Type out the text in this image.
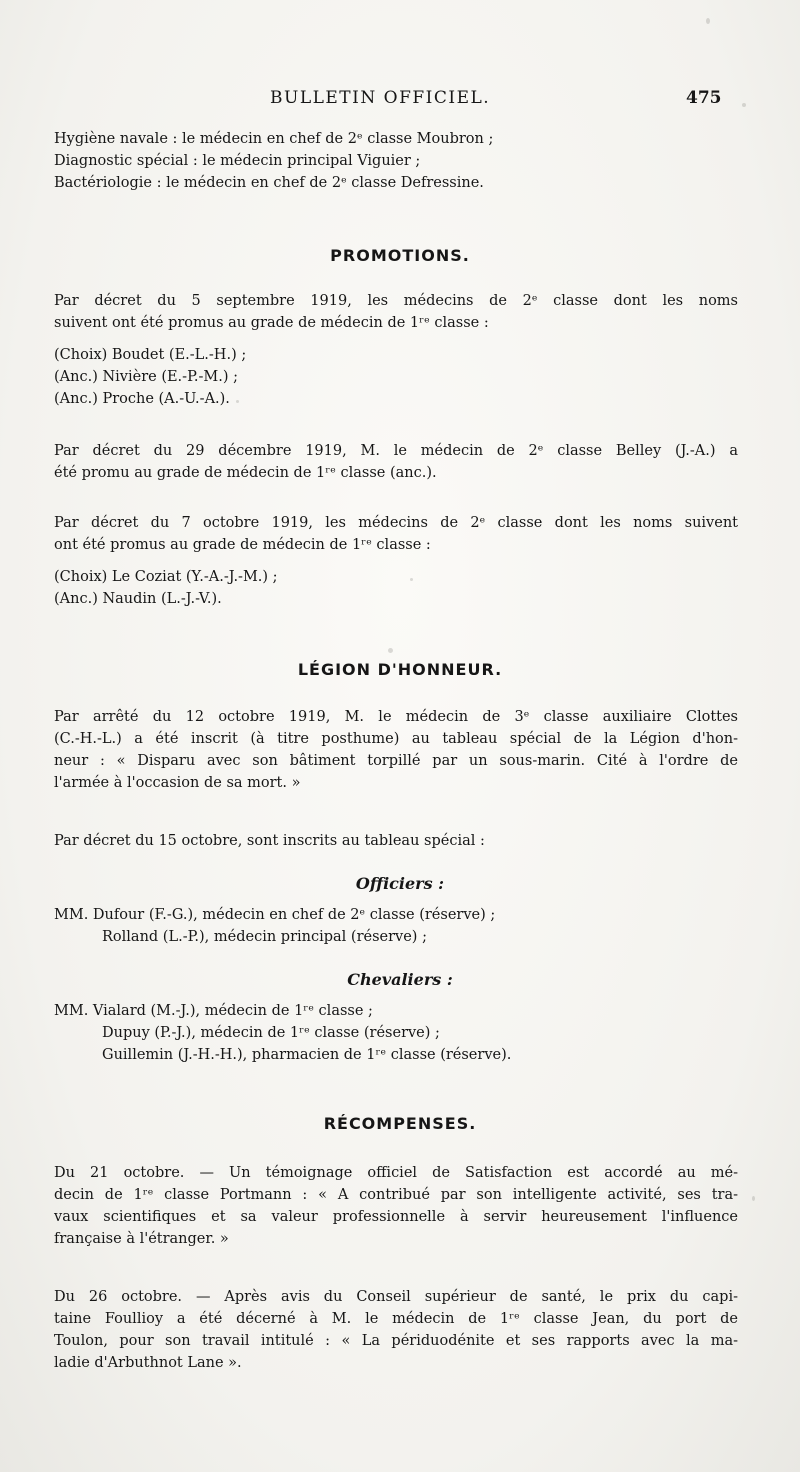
BULLETIN OFFICIEL.	475
Hygiène navale : le médecin en chef de 2ᵉ classe Moubron ;
Diagnostic spécial : le médecin principal Viguier ;
Bactériologie : le médecin en chef de 2ᵉ classe Defressine.
PROMOTIONS.
Par décret du 5 septembre 1919, les médecins de 2ᵉ classe dont les noms
suivent ont été promus au grade de médecin de 1ʳᵉ classe :
(Choix) Boudet (E.-L.-H.) ;
(Anc.) Nivière (E.-P.-M.) ;
(Anc.) Proche (A.-U.-A.).
Par décret du 29 décembre 1919, M. le médecin de 2ᵉ classe Belley (J.-A.) a
été promu au grade de médecin de 1ʳᵉ classe (anc.).
Par décret du 7 octobre 1919, les médecins de 2ᵉ classe dont les noms suivent
ont été promus au grade de médecin de 1ʳᵉ classe :
(Choix) Le Coziat (Y.-A.-J.-M.) ;
(Anc.) Naudin (L.-J.-V.).
LÉGION D'HONNEUR.
Par arrêté du 12 octobre 1919, M. le médecin de 3ᵉ classe auxiliaire Clottes
(C.-H.-L.) a été inscrit (à titre posthume) au tableau spécial de la Légion d'hon-
neur : « Disparu avec son bâtiment torpillé par un sous-marin. Cité à l'ordre de
l'armée à l'occasion de sa mort. »
Par décret du 15 octobre, sont inscrits au tableau spécial :
Officiers :
MM. Dufour (F.-G.), médecin en chef de 2ᵉ classe (réserve) ;
Rolland (L.-P.), médecin principal (réserve) ;
Chevaliers :
MM. Vialard (M.-J.), médecin de 1ʳᵉ classe ;
Dupuy (P.-J.), médecin de 1ʳᵉ classe (réserve) ;
Guillemin (J.-H.-H.), pharmacien de 1ʳᵉ classe (réserve).
RÉCOMPENSES.
Du 21 octobre. — Un témoignage officiel de Satisfaction est accordé au mé-
decin de 1ʳᵉ classe Portmann : « A contribué par son intelligente activité, ses tra-
vaux scientifiques et sa valeur professionnelle à servir heureusement l'influence
française à l'étranger. »
Du 26 octobre. — Après avis du Conseil supérieur de santé, le prix du capi-
taine Foullioy a été décerné à M. le médecin de 1ʳᵉ classe Jean, du port de
Toulon, pour son travail intitulé : « La périduodénite et ses rapports avec la ma-
ladie d'Arbuthnot Lane ».
